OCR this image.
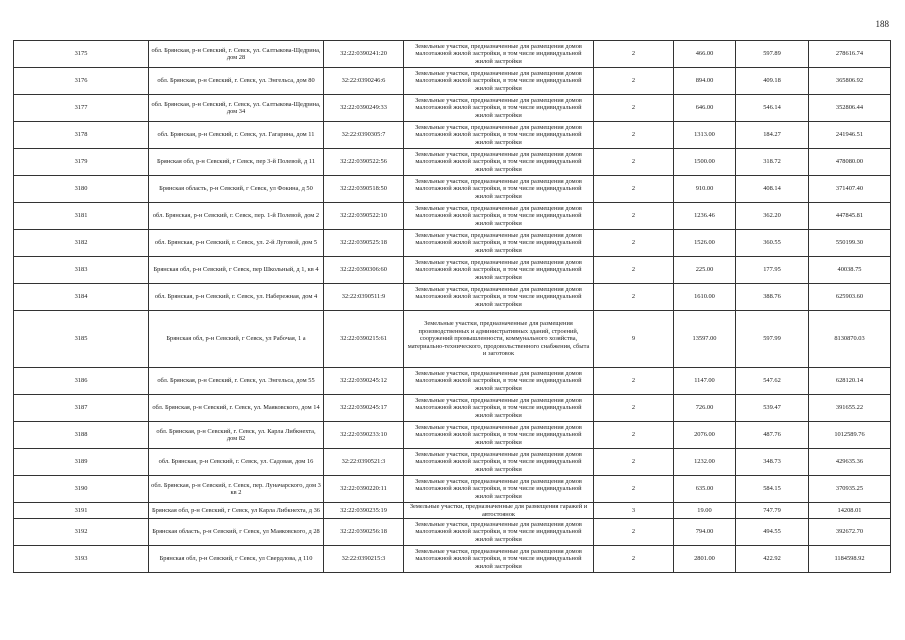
188
3175	обл. Брянская, р-н Севский, г. Севск, ул. Салтыкова-Щедрина, дом 28	32:22:0390241:20	Земельные участки, предназначенные для размещения домов малоэтажной жилой застройки, в том числе индивидуальной жилой застройки	2	466.00	597.89	278616.74
3176	обл. Брянская, р-н Севский, г. Севск, ул. Энгельса, дом 80	32:22:0390246:6	Земельные участки, предназначенные для размещения домов малоэтажной жилой застройки, в том числе индивидуальной жилой застройки	2	894.00	409.18	365806.92
3177	обл. Брянская, р-н Севский, г. Севск, ул. Салтыкова-Щедрина, дом 34	32:22:0390249:33	Земельные участки, предназначенные для размещения домов малоэтажной жилой застройки, в том числе индивидуальной жилой застройки	2	646.00	546.14	352806.44
3178	обл. Брянская, р-н Севский, г. Севск, ул. Гагарина, дом 11	32:22:0390305:7	Земельные участки, предназначенные для размещения домов малоэтажной жилой застройки, в том числе индивидуальной жилой застройки	2	1313.00	184.27	241946.51
3179	Брянская обл, р-н Севский, г Севск, пер 3-й Полевой, д 11	32:22:0390522:56	Земельные участки, предназначенные для размещения домов малоэтажной жилой застройки, в том числе индивидуальной жилой застройки	2	1500.00	318.72	478080.00
3180	Брянская область, р-н Севский, г Севск, ул Фокина, д 50	32:22:0390518:50	Земельные участки, предназначенные для размещения домов малоэтажной жилой застройки, в том числе индивидуальной жилой застройки	2	910.00	408.14	371407.40
3181	обл. Брянская, р-н Севский, г. Севск, пер. 1-й Полевой, дом 2	32:22:0390522:10	Земельные участки, предназначенные для размещения домов малоэтажной жилой застройки, в том числе индивидуальной жилой застройки	2	1236.46	362.20	447845.81
3182	обл. Брянская, р-н Севский, г. Севск, ул. 2-й Луговой, дом 5	32:22:0390525:18	Земельные участки, предназначенные для размещения домов малоэтажной жилой застройки, в том числе индивидуальной жилой застройки	2	1526.00	360.55	550199.30
3183	Брянская обл, р-н Севский, г Севск, пер Школьный, д 1, кв 4	32:22:0390306:60	Земельные участки, предназначенные для размещения домов малоэтажной жилой застройки, в том числе индивидуальной жилой застройки	2	225.00	177.95	40038.75
3184	обл. Брянская, р-н Севский, г. Севск, ул. Набережная, дом 4	32:22:0390511:9	Земельные участки, предназначенные для размещения домов малоэтажной жилой застройки, в том числе индивидуальной жилой застройки	2	1610.00	388.76	625903.60
3185	Брянская обл, р-н Севский, г Севск, ул Рабочая, 1 а	32:22:0390215:61	Земельные участки, предназначенные для размещения производственных и административных зданий, строений, сооружений промышленности, коммунального хозяйства, материально-технического, продовольственного снабжения, сбыта и заготовок	9	13597.00	597.99	8130870.03
3186	обл. Брянская, р-н Севский, г. Севск, ул. Энгельса, дом 55	32:22:0390245:12	Земельные участки, предназначенные для размещения домов малоэтажной жилой застройки, в том числе индивидуальной жилой застройки	2	1147.00	547.62	628120.14
3187	обл. Брянская, р-н Севский, г. Севск, ул. Маяковского, дом 14	32:22:0390245:17	Земельные участки, предназначенные для размещения домов малоэтажной жилой застройки, в том числе индивидуальной жилой застройки	2	726.00	539.47	391655.22
3188	обл. Брянская, р-н Севский, г. Севск, ул. Карла Либкнехта, дом 82	32:22:0390233:10	Земельные участки, предназначенные для размещения домов малоэтажной жилой застройки, в том числе индивидуальной жилой застройки	2	2076.00	487.76	1012589.76
3189	обл. Брянская, р-н Севский, г. Севск, ул. Садовая, дом 16	32:22:0390521:3	Земельные участки, предназначенные для размещения домов малоэтажной жилой застройки, в том числе индивидуальной жилой застройки	2	1232.00	348.73	429635.36
3190	обл. Брянская, р-н Севский, г. Севск, пер. Луначарского, дом 3 кв 2	32:22:0390220:11	Земельные участки, предназначенные для размещения домов малоэтажной жилой застройки, в том числе индивидуальной жилой застройки	2	635.00	584.15	370935.25
3191	Брянская обл, р-н Севский, г Севск, ул Карла Либкнехта, д 36	32:22:0390235:19	Земельные участки, предназначенные для размещения гаражей и автостоянок	3	19.00	747.79	14208.01
3192	Брянская область, р-н Севский, г Севск, ул Маяковского, д 28	32:22:0390256:18	Земельные участки, предназначенные для размещения домов малоэтажной жилой застройки, в том числе индивидуальной жилой застройки	2	794.00	494.55	392672.70
3193	Брянская обл, р-н Севский, г Севск, ул Свердлова, д 110	32:22:0390215:3	Земельные участки, предназначенные для размещения домов малоэтажной жилой застройки, в том числе индивидуальной жилой застройки	2	2801.00	422.92	1184598.92
